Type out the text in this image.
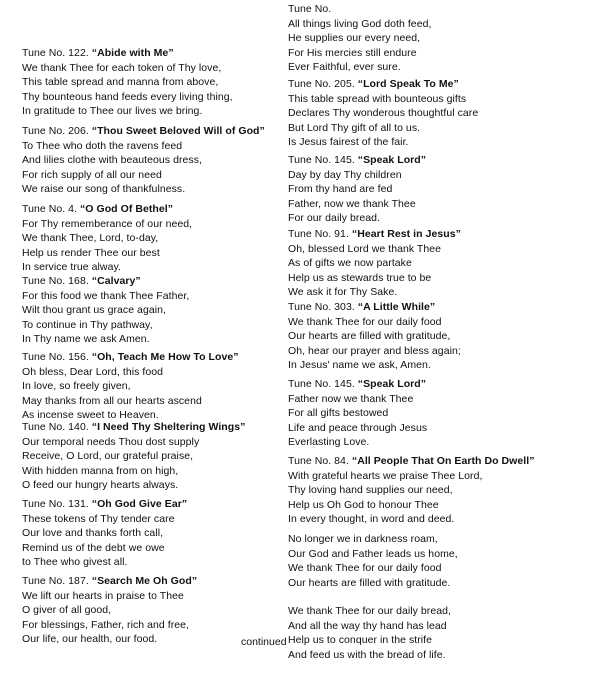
Tune No. 122. “Abide with Me”
We thank Thee for each token of Thy love,
This table spread and manna from above,
Thy bounteous hand feeds every living thing,
In gratitude to Thee our lives we bring.
Tune No. 206. “Thou Sweet Beloved Will of God”
To Thee who doth the ravens feed
And lilies clothe with beauteous dress,
For rich supply of all our need
We raise our song of thankfulness.
Tune No. 4. “O God Of Bethel”
For Thy rememberance of our need,
We thank Thee, Lord, to-day,
Help us render Thee our best
In service true alway.
Tune No. 168. “Calvary”
For this food we thank Thee Father,
Wilt thou grant us grace again,
To continue in Thy pathway,
In Thy name we ask Amen.
Tune No. 156. “Oh, Teach Me How To Love”
Oh bless, Dear Lord, this food
In love, so freely given,
May thanks from all our hearts ascend
As incense sweet to Heaven.
Tune No. 140. “I Need Thy Sheltering Wings”
Our temporal needs Thou dost supply
Receive, O Lord, our grateful praise,
With hidden manna from on high,
O feed our hungry hearts always.
Tune No. 131. “Oh God Give Ear”
These tokens of Thy tender care
Our love and thanks forth call,
Remind us of the debt we owe
to Thee who givest all.
Tune No. 187. “Search Me Oh God”
We lift our hearts in praise to Thee
O giver of all good,
For blessings, Father, rich and free,
Our life, our health, our food.
Tune No.
All things living God doth feed,
He supplies our every need,
For His mercies still endure
Ever Faithful, ever sure.
Tune No. 205. “Lord Speak To Me”
This table spread with bounteous gifts
Declares Thy wonderous thoughtful care
But Lord Thy gift of all to us.
Is Jesus fairest of the fair.
Tune No. 145. “Speak Lord”
Day by day Thy children
From thy hand are fed
Father, now we thank Thee
For our daily bread.
Tune No. 91. “Heart Rest in Jesus”
Oh, blessed Lord we thank Thee
As of gifts we now partake
Help us as stewards true to be
We ask it for Thy Sake.
Tune No. 303. “A Little While”
We thank Thee for our daily food
Our hearts are filled with gratitude,
Oh, hear our prayer and bless again;
In Jesus' name we ask, Amen.
Tune No. 145. “Speak Lord”
Father now we thank Thee
For all gifts bestowed
Life and peace through Jesus
Everlasting Love.
Tune No. 84. “All People That On Earth Do Dwell”
With grateful hearts we praise Thee Lord,
Thy loving hand supplies our need,
Help us Oh God to honour Thee
In every thought, in word and deed.
No longer we in darkness roam,
Our God and Father leads us home,
We thank Thee for our daily food
Our hearts are filled with gratitude.
We thank Thee for our daily bread,
And all the way thy hand has lead
Help us to conquer in the strife
And feed us with the bread of life.
continued
